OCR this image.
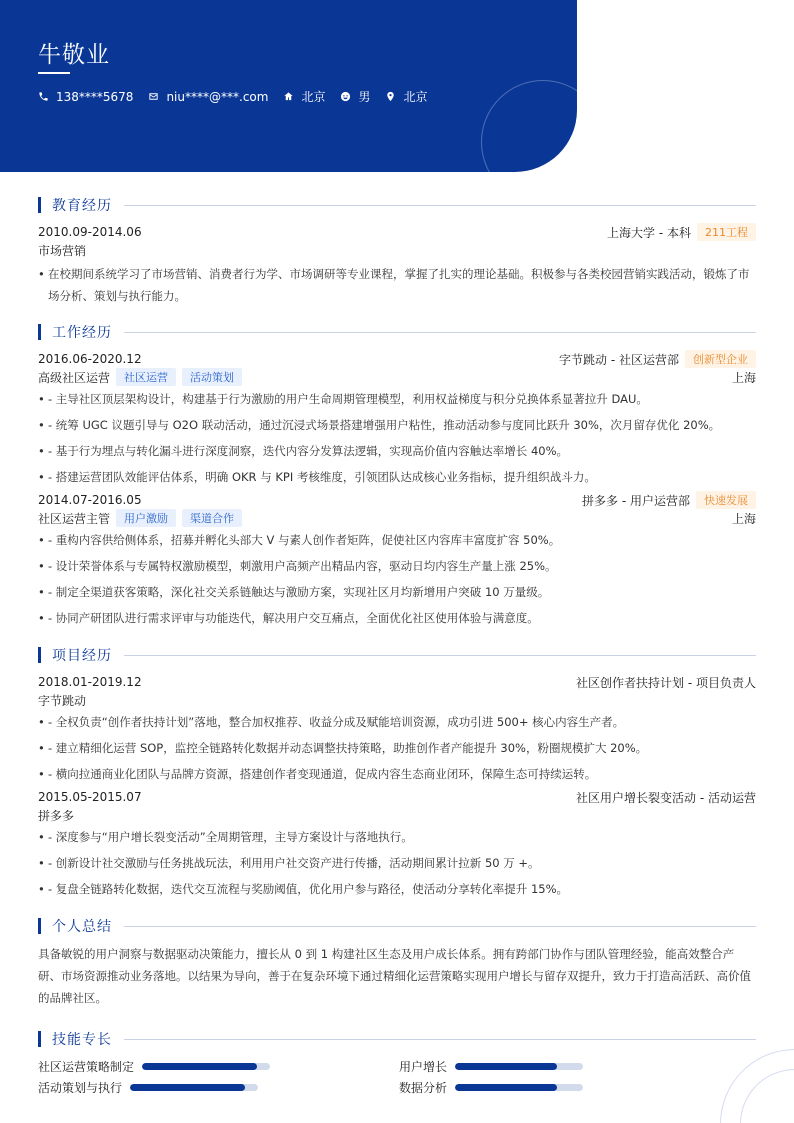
牛敬业
138****5678	niu****@***.com	北京	男	北京
教育经历
2010.09-2014.06	上海大学 - 本科	211工程
市场营销
• 在校期间系统学习了市场营销、消费者行为学、市场调研等专业课程，掌握了扎实的理论基础。积极参与各类校园营销实践活动，锻炼了市场分析、策划与执行能力。
工作经历
2016.06-2020.12	字节跳动 - 社区运营部	创新型企业
高级社区运营	社区运营	活动策划	上海
• - 主导社区顶层架构设计，构建基于行为激励的用户生命周期管理模型，利用权益梯度与积分兑换体系显著拉升 DAU。
• - 统筹 UGC 议题引导与 O2O 联动活动，通过沉浸式场景搭建增强用户粘性，推动活动参与度同比跃升 30%，次月留存优化 20%。
• - 基于行为埋点与转化漏斗进行深度洞察，迭代内容分发算法逻辑，实现高价值内容触达率增长 40%。
• - 搭建运营团队效能评估体系，明确 OKR 与 KPI 考核维度，引领团队达成核心业务指标，提升组织战斗力。
2014.07-2016.05	拼多多 - 用户运营部	快速发展
社区运营主管	用户激励	渠道合作	上海
• - 重构内容供给侧体系，招募并孵化头部大 V 与素人创作者矩阵，促使社区内容库丰富度扩容 50%。
• - 设计荣誉体系与专属特权激励模型，刺激用户高频产出精品内容，驱动日均内容生产量上涨 25%。
• - 制定全渠道获客策略，深化社交关系链触达与激励方案，实现社区月均新增用户突破 10 万量级。
• - 协同产研团队进行需求评审与功能迭代，解决用户交互痛点，全面优化社区使用体验与满意度。
项目经历
2018.01-2019.12	社区创作者扶持计划 - 项目负责人
字节跳动
• - 全权负责“创作者扶持计划”落地，整合加权推荐、收益分成及赋能培训资源，成功引进 500+ 核心内容生产者。
• - 建立精细化运营 SOP，监控全链路转化数据并动态调整扶持策略，助推创作者产能提升 30%，粉圈规模扩大 20%。
• - 横向拉通商业化团队与品牌方资源，搭建创作者变现通道，促成内容生态商业闭环，保障生态可持续运转。
2015.05-2015.07	社区用户增长裂变活动 - 活动运营
拼多多
• - 深度参与“用户增长裂变活动”全周期管理，主导方案设计与落地执行。
• - 创新设计社交激励与任务挑战玩法，利用用户社交资产进行传播，活动期间累计拉新 50 万 +。
• - 复盘全链路转化数据，迭代交互流程与奖励阈值，优化用户参与路径，使活动分享转化率提升 15%。
个人总结

具备敏锐的用户洞察与数据驱动决策能力，擅长从 0 到 1 构建社区生态及用户成长体系。拥有跨部门协作与团队管理经验，能高效整合产研、市场资源推动业务落地。以结果为导向，善于在复杂环境下通过精细化运营策略实现用户增长与留存双提升，致力于打造高活跃、高价值的品牌社区。

技能专长
社区运营策略制定	用户增长
活动策划与执行	数据分析
